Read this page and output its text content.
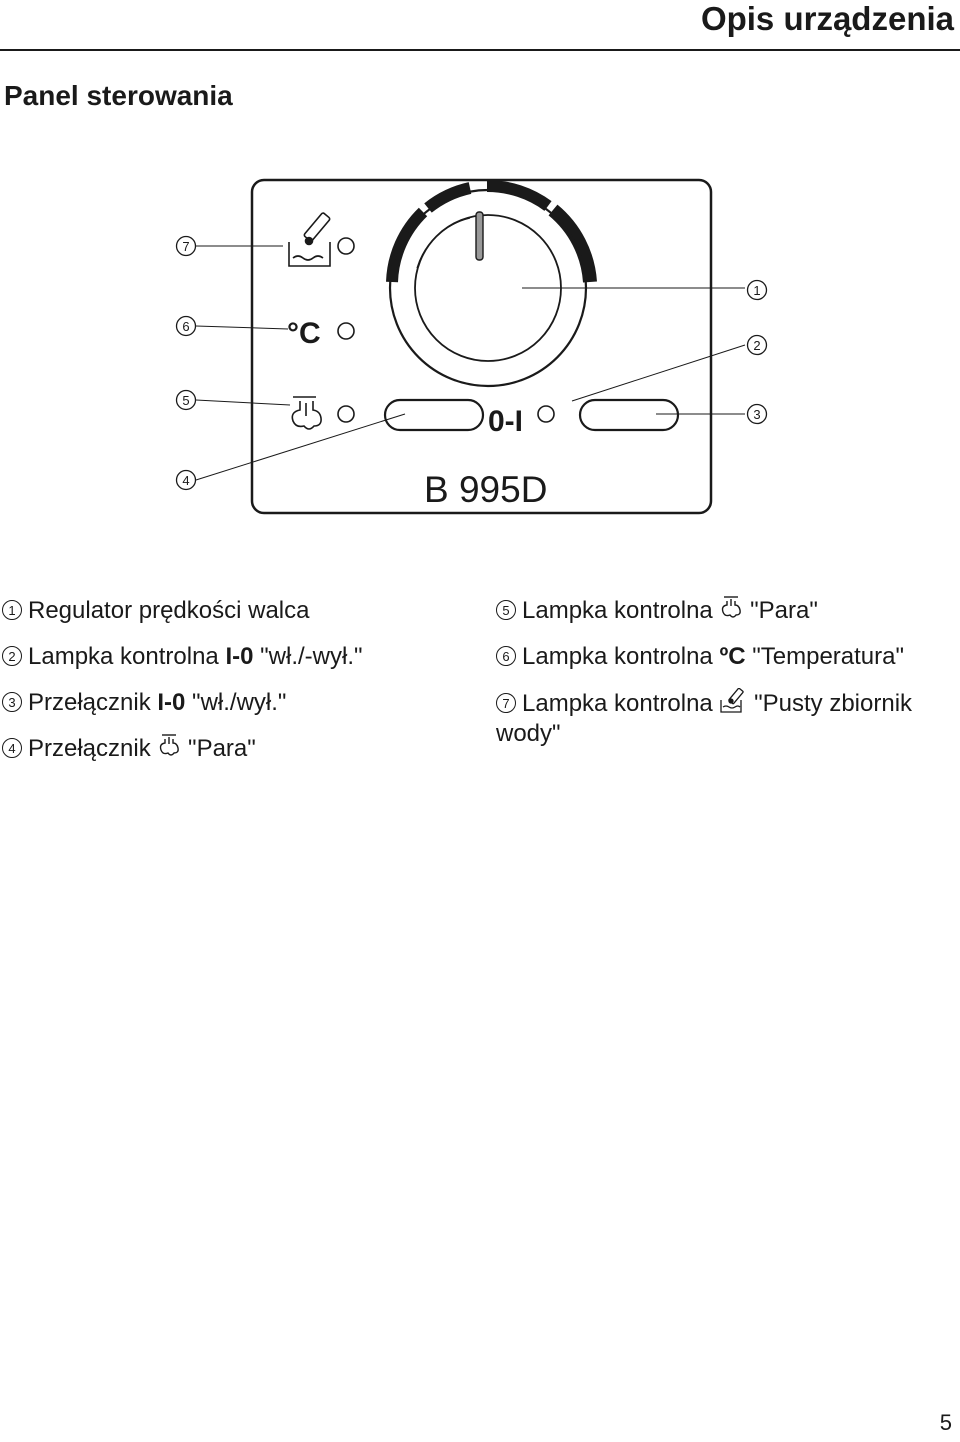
Opis urządzenia
Panel sterowania
°C
0-I
B 995D
7
6
5
4
1
2
3
1 Regulator prędkości walca
2 Lampka kontrolna I-0 "wł./-wył."
3 Przełącznik I-0 "wł./wył."
4 Przełącznik  "Para"
5 Lampka kontrolna  "Para"
6 Lampka kontrolna ºC "Temperatura"
7 Lampka kontrolna  "Pusty zbiornik wody"
5
